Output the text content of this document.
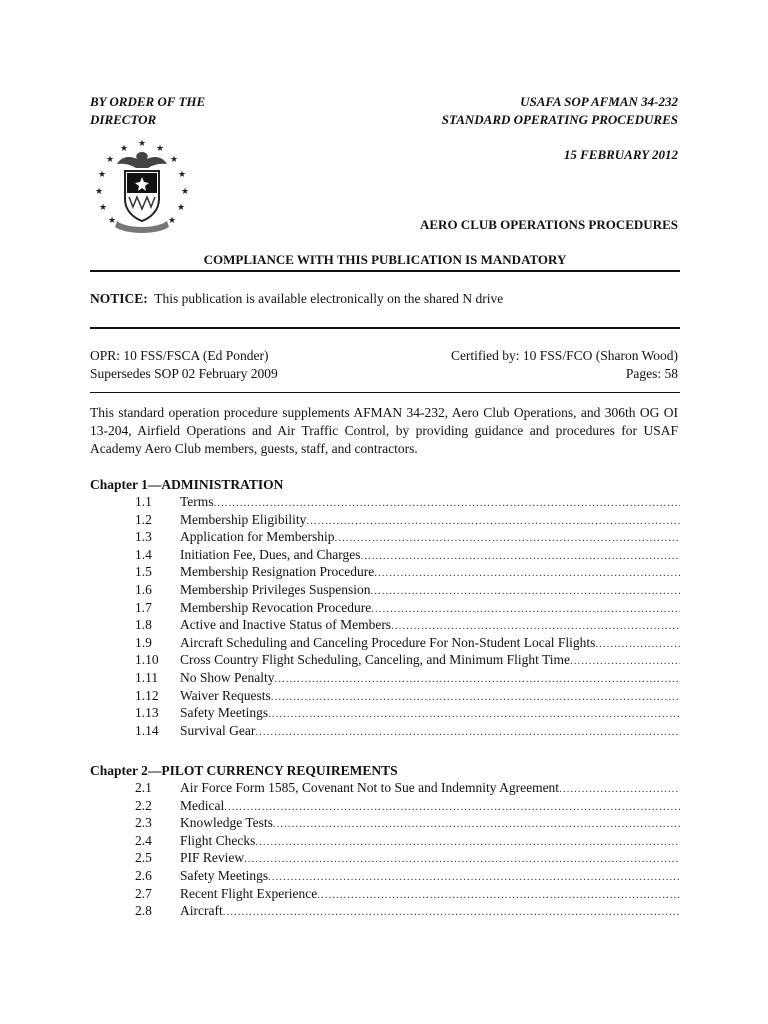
BY ORDER OF THE
DIRECTOR
USAFA SOP AFMAN 34-232
STANDARD OPERATING PROCEDURES
15 FEBRUARY 2012
★
★	★
★	★
★	★
★	★
★	★
★	★	AERO CLUB OPERATIONS PROCEDURES
COMPLIANCE WITH THIS PUBLICATION IS MANDATORY
NOTICE: This publication is available electronically on the shared N drive
OPR: 10 FSS/FSCA (Ed Ponder)
Supersedes SOP 02 February 2009
Certified by: 10 FSS/FCO (Sharon Wood)
Pages: 58
This standard operation procedure supplements AFMAN 34-232, Aero Club Operations, and 306th OG OI 13-204, Airfield Operations and Air Traffic Control, by providing guidance and procedures for USAF Academy Aero Club members, guests, staff, and contractors.
Chapter 1—ADMINISTRATION
1.1	Terms
.....
1.2	Membership Eligibility
.....
1.3	Application for Membership
.....
1.4	Initiation Fee, Dues, and Charges
.....
1.5	Membership Resignation Procedure
.....
1.6	Membership Privileges Suspension
.....
1.7	Membership Revocation Procedure
.....
1.8	Active and Inactive Status of Members
.....
1.9	Aircraft Scheduling and Canceling Procedure For Non-Student Local Flights
.....
1.10	Cross Country Flight Scheduling, Canceling, and Minimum Flight Time
.....
1.11	No Show Penalty
.....
1.12	Waiver Requests
.....
1.13	Safety Meetings
.....
1.14	Survival Gear
.....
Chapter 2—PILOT CURRENCY REQUIREMENTS
2.1	Air Force Form 1585, Covenant Not to Sue and Indemnity Agreement
.....
2.2	Medical
.....
2.3	Knowledge Tests
.....
2.4	Flight Checks
.....
2.5	PIF Review
.....
2.6	Safety Meetings
.....
2.7	Recent Flight Experience
.....
2.8	Aircraft
.....
